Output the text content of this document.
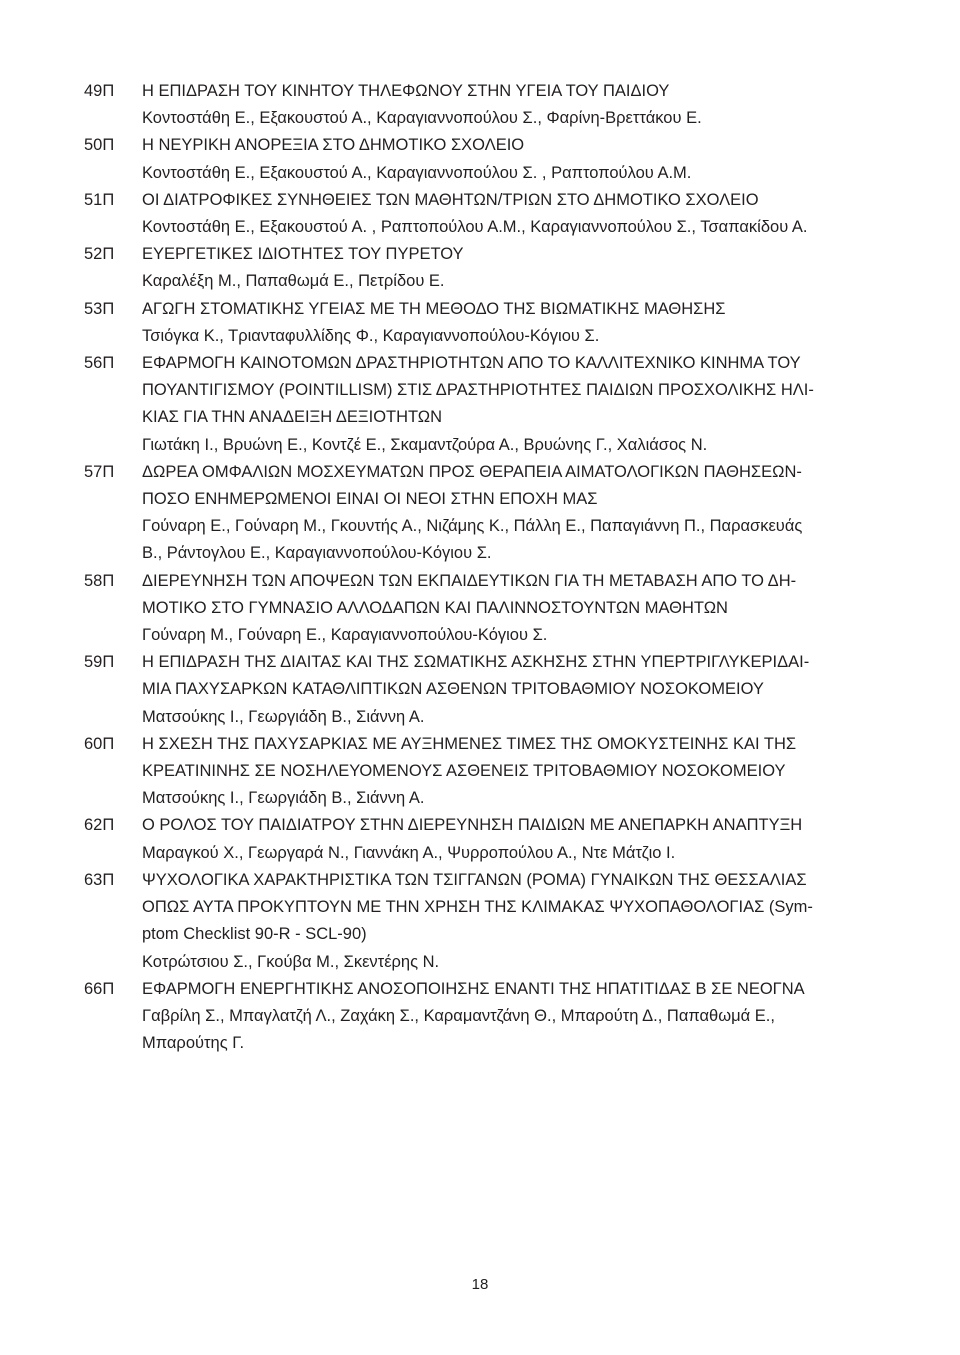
49Π	Η ΕΠΙΔΡΑΣΗ ΤΟΥ ΚΙΝΗΤΟΥ ΤΗΛΕΦΩΝΟΥ ΣΤΗΝ ΥΓΕΙΑ ΤΟΥ ΠΑΙΔΙΟΥ
Κοντοστάθη Ε., Εξακουστού Α., Καραγιαννοπούλου Σ., Φαρίνη-Βρεττάκου Ε.
50Π	Η ΝΕΥΡΙΚΗ ΑΝΟΡΕΞΙΑ ΣΤΟ ΔΗΜΟΤΙΚΟ ΣΧΟΛΕΙΟ
Κοντοστάθη Ε., Εξακουστού Α., Καραγιαννοπούλου Σ. , Ραπτοπούλου Α.Μ.
51Π	ΟΙ ΔΙΑΤΡΟΦΙΚΕΣ ΣΥΝΗΘΕΙΕΣ ΤΩΝ ΜΑΘΗΤΩΝ/ΤΡΙΩΝ ΣΤΟ ΔΗΜΟΤΙΚΟ ΣΧΟΛΕΙΟ
Κοντοστάθη Ε., Εξακουστού Α. , Ραπτοπούλου Α.Μ., Καραγιαννοπούλου Σ., Τσαπακίδου Α.
52Π	ΕΥΕΡΓΕΤΙΚΕΣ ΙΔΙΟΤΗΤΕΣ ΤΟΥ ΠΥΡΕΤΟΥ
Καραλέξη Μ., Παπαθωμά Ε., Πετρίδου Ε.
53Π	ΑΓΩΓΗ ΣΤΟΜΑΤΙΚΗΣ ΥΓΕΙΑΣ ΜΕ ΤΗ ΜΕΘΟΔΟ ΤΗΣ ΒΙΩΜΑΤΙΚΗΣ ΜΑΘΗΣΗΣ
Τσιόγκα Κ., Τριανταφυλλίδης Φ., Καραγιαννοπούλου-Κόγιου Σ.
56Π	ΕΦΑΡΜΟΓΗ ΚΑΙΝΟΤΟΜΩΝ ΔΡΑΣΤΗΡΙΟΤΗΤΩΝ ΑΠΟ ΤΟ ΚΑΛΛΙΤΕΧΝΙΚΟ ΚΙΝΗΜΑ ΤΟΥ
ΠΟΥΑΝΤΙΓΙΣΜΟΥ (POINTILLISM) ΣΤΙΣ ΔΡΑΣΤΗΡΙΟΤΗΤΕΣ ΠΑΙΔΙΩΝ ΠΡΟΣΧΟΛΙΚΗΣ ΗΛΙ-
ΚΙΑΣ ΓΙΑ ΤΗΝ ΑΝΑΔΕΙΞΗ ΔΕΞΙΟΤΗΤΩΝ
Γιωτάκη Ι., Βρυώνη Ε., Κοντζέ Ε., Σκαμαντζούρα Α., Βρυώνης Γ., Χαλιάσος Ν.
57Π	ΔΩΡΕΑ ΟΜΦΑΛΙΩΝ ΜΟΣΧΕΥΜΑΤΩΝ ΠΡΟΣ ΘΕΡΑΠΕΙΑ ΑΙΜΑΤΟΛΟΓΙΚΩΝ ΠΑΘΗΣΕΩΝ-
ΠΟΣΟ ΕΝΗΜΕΡΩΜΕΝΟΙ ΕΙΝΑΙ ΟΙ ΝΕΟΙ ΣΤΗΝ ΕΠΟΧΗ ΜΑΣ
Γούναρη Ε., Γούναρη Μ., Γκουντής Α., Νιζάμης Κ., Πάλλη Ε., Παπαγιάννη Π., Παρασκευάς
Β., Ράντογλου Ε., Καραγιαννοπούλου-Κόγιου Σ.
58Π	ΔΙΕΡΕΥΝΗΣΗ ΤΩΝ ΑΠΟΨΕΩΝ ΤΩΝ ΕΚΠΑΙΔΕΥΤΙΚΩΝ ΓΙΑ ΤΗ ΜΕΤΑΒΑΣΗ ΑΠΟ ΤΟ ΔΗ-
ΜΟΤΙΚΟ ΣΤΟ ΓΥΜΝΑΣΙΟ ΑΛΛΟΔΑΠΩΝ ΚΑΙ ΠΑΛΙΝΝΟΣΤΟΥΝΤΩΝ ΜΑΘΗΤΩΝ
Γούναρη Μ., Γούναρη Ε., Καραγιαννοπούλου-Κόγιου Σ.
59Π	Η ΕΠΙΔΡΑΣΗ ΤΗΣ ΔΙΑΙΤΑΣ ΚΑΙ ΤΗΣ ΣΩΜΑΤΙΚΗΣ ΑΣΚΗΣΗΣ ΣΤΗΝ ΥΠΕΡΤΡΙΓΛΥΚΕΡΙΔΑΙ-
ΜΙΑ ΠΑΧΥΣΑΡΚΩΝ ΚΑΤΑΘΛΙΠΤΙΚΩΝ ΑΣΘΕΝΩΝ ΤΡΙΤΟΒΑΘΜΙΟΥ ΝΟΣΟΚΟΜΕΙΟΥ
Ματσούκης Ι., Γεωργιάδη Β., Σιάννη Α.
60Π	Η ΣΧΕΣΗ ΤΗΣ ΠΑΧΥΣΑΡΚΙΑΣ ΜΕ ΑΥΞΗΜΕΝΕΣ ΤΙΜΕΣ ΤΗΣ ΟΜΟΚΥΣΤΕΙΝΗΣ ΚΑΙ ΤΗΣ
ΚΡΕΑΤΙΝΙΝΗΣ ΣΕ ΝΟΣΗΛΕΥΟΜΕΝΟΥΣ ΑΣΘΕΝΕΙΣ ΤΡΙΤΟΒΑΘΜΙΟΥ ΝΟΣΟΚΟΜΕΙΟΥ
Ματσούκης Ι., Γεωργιάδη Β., Σιάννη Α.
62Π	Ο ΡΟΛΟΣ ΤΟΥ ΠΑΙΔΙΑΤΡΟΥ ΣΤΗΝ ΔΙΕΡΕΥΝΗΣΗ ΠΑΙΔΙΩΝ ΜΕ ΑΝΕΠΑΡΚΗ ΑΝΑΠΤΥΞΗ
Μαραγκού Χ., Γεωργαρά Ν., Γιαννάκη Α., Ψυρροπούλου Α., Ντε Μάτζιο Ι.
63Π	ΨΥΧΟΛΟΓΙΚΑ ΧΑΡΑΚΤΗΡΙΣΤΙΚΑ ΤΩΝ ΤΣΙΓΓΑΝΩΝ (ΡΟΜΑ) ΓΥΝΑΙΚΩΝ ΤΗΣ ΘΕΣΣΑΛΙΑΣ
ΟΠΩΣ ΑΥΤΑ ΠΡΟΚΥΠΤΟΥΝ ΜΕ ΤΗΝ ΧΡΗΣΗ ΤΗΣ ΚΛΙΜΑΚΑΣ ΨΥΧΟΠΑΘΟΛΟΓΙΑΣ (Sym-
ptom Checklist 90-R - SCL-90)
Κοτρώτσιου Σ., Γκούβα Μ., Σκεντέρης Ν.
66Π	ΕΦΑΡΜΟΓΗ ΕΝΕΡΓΗΤΙΚΗΣ ΑΝΟΣΟΠΟΙΗΣΗΣ ΕΝΑΝΤΙ ΤΗΣ ΗΠΑΤΙΤΙΔΑΣ Β ΣΕ ΝΕΟΓΝΑ
Γαβρίλη Σ., Μπαγλατζή Λ., Ζαχάκη Σ., Καραμαντζάνη Θ., Μπαρούτη Δ., Παπαθωμά Ε.,
Μπαρούτης Γ.
18
